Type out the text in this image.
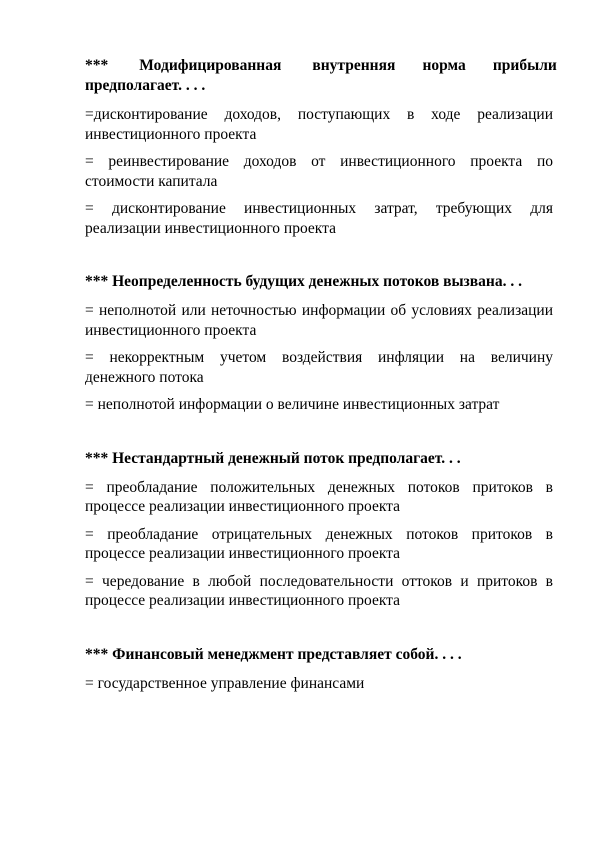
***        Модифицированная        внутренняя       норма       прибыли предполагает. . . .

=дисконтирование доходов, поступающих в ходе реализации инвестиционного проекта

= реинвестирование доходов от инвестиционного проекта по стоимости капитала

= дисконтирование инвестиционных затрат, требующих для реализации инвестиционного проекта

*** Неопределенность будущих денежных потоков вызвана. . .

= неполнотой или неточностью информации об условиях реализации инвестиционного проекта

= некорректным учетом воздействия инфляции на величину денежного потока

= неполнотой информации о величине инвестиционных затрат

*** Нестандартный денежный поток предполагает. . .

= преобладание положительных денежных потоков притоков в процессе реализации инвестиционного проекта

= преобладание отрицательных денежных потоков притоков в процессе реализации инвестиционного проекта

= чередование в любой последовательности оттоков и притоков в процессе реализации инвестиционного проекта

*** Финансовый менеджмент представляет собой. . . .

= государственное управление финансами
